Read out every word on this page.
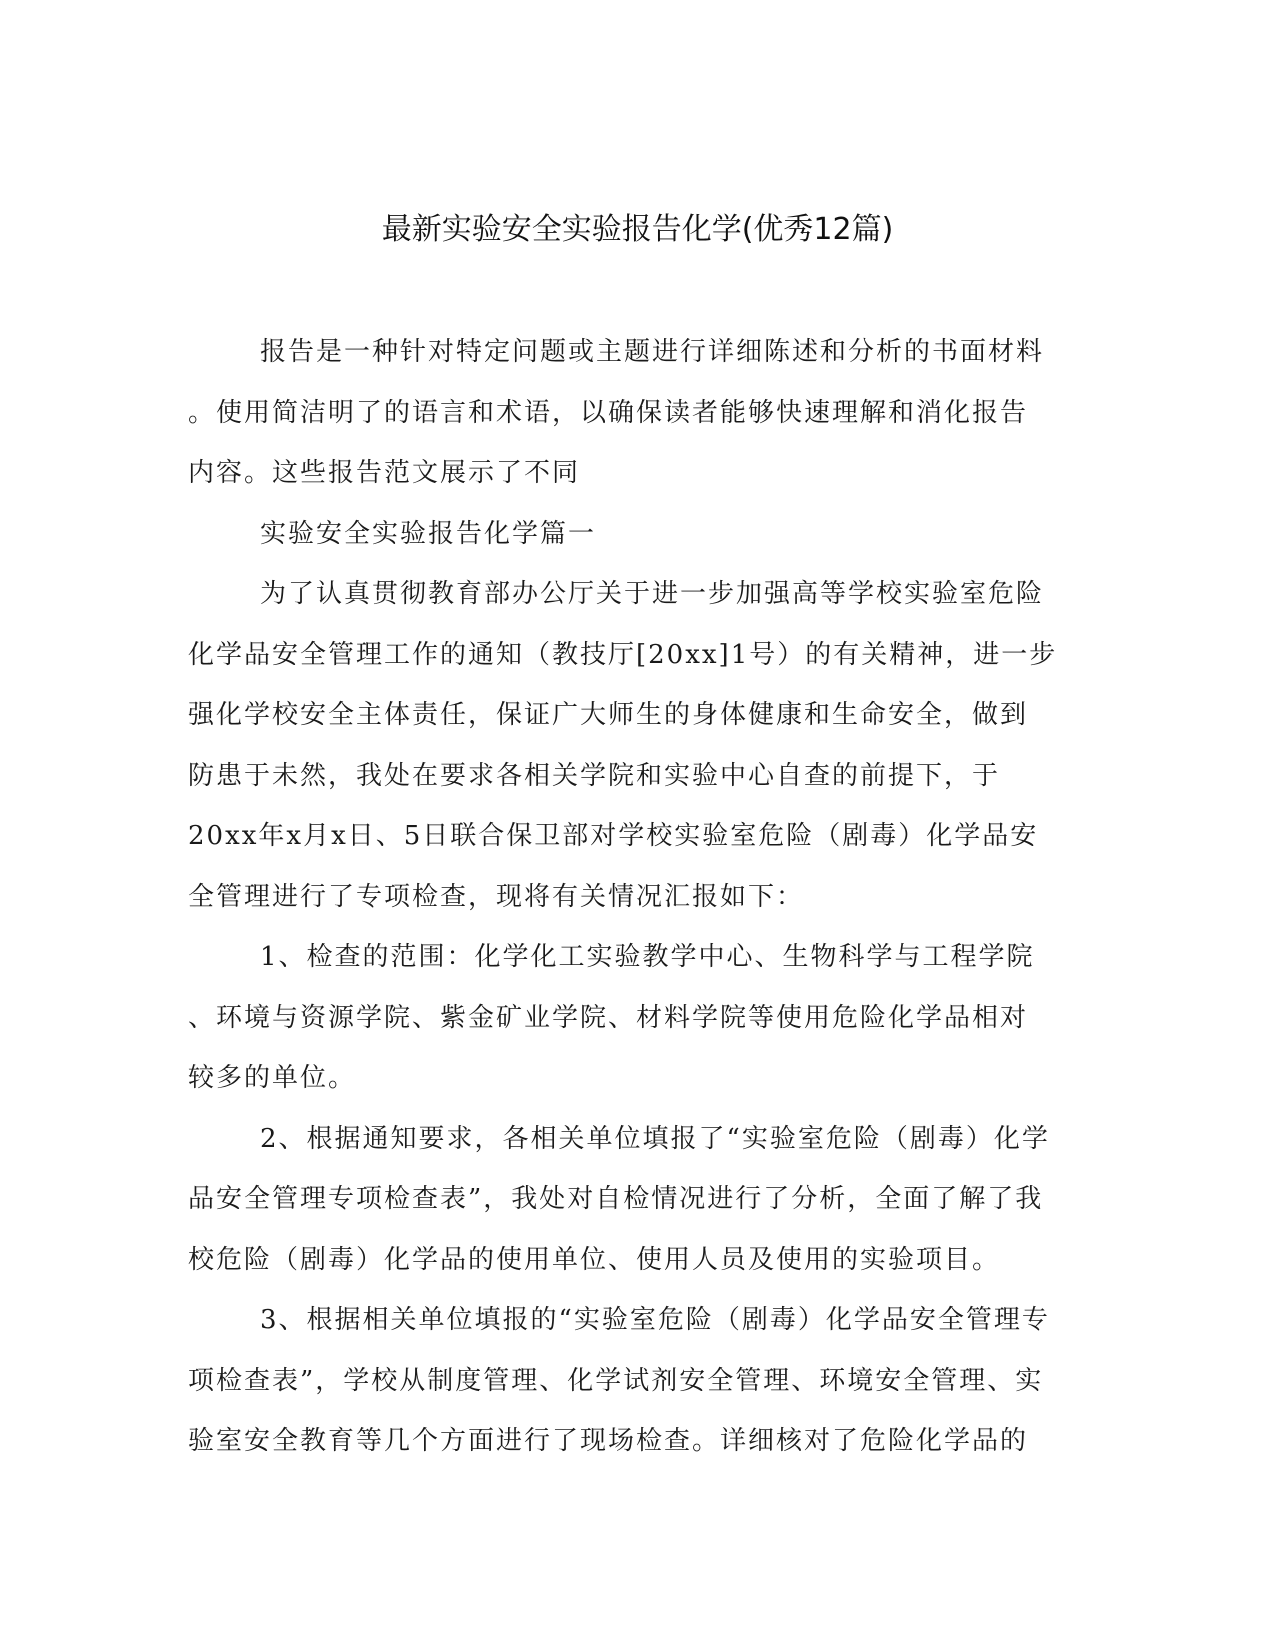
最新实验安全实验报告化学(优秀12篇)
报告是一种针对特定问题或主题进行详细陈述和分析的书面材料
。使用简洁明了的语言和术语，以确保读者能够快速理解和消化报告
内容。这些报告范文展示了不同
实验安全实验报告化学篇一
为了认真贯彻教育部办公厅关于进一步加强高等学校实验室危险
化学品安全管理工作的通知（教技厅[20xx]1号）的有关精神，进一步
强化学校安全主体责任，保证广大师生的身体健康和生命安全，做到
防患于未然，我处在要求各相关学院和实验中心自查的前提下，于
20xx年x月x日、5日联合保卫部对学校实验室危险（剧毒）化学品安
全管理进行了专项检查，现将有关情况汇报如下：
1、检查的范围：化学化工实验教学中心、生物科学与工程学院
、环境与资源学院、紫金矿业学院、材料学院等使用危险化学品相对
较多的单位。
2、根据通知要求，各相关单位填报了“实验室危险（剧毒）化学
品安全管理专项检查表”，我处对自检情况进行了分析，全面了解了我
校危险（剧毒）化学品的使用单位、使用人员及使用的实验项目。
3、根据相关单位填报的“实验室危险（剧毒）化学品安全管理专
项检查表”，学校从制度管理、化学试剂安全管理、环境安全管理、实
验室安全教育等几个方面进行了现场检查。详细核对了危险化学品的
